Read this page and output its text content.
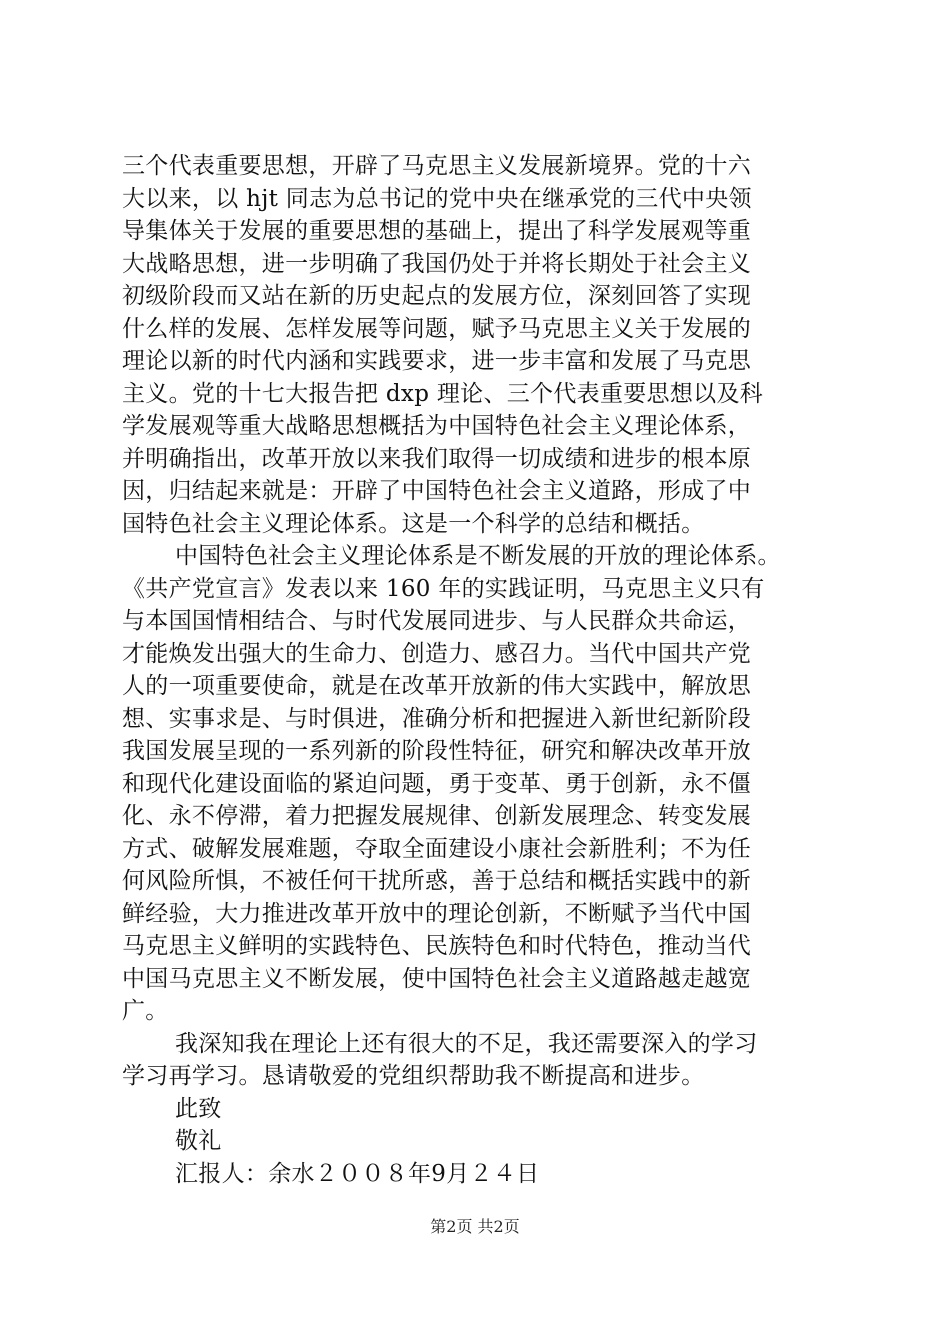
三个代表重要思想，开辟了马克思主义发展新境界。党的十六
大以来，以 hjt 同志为总书记的党中央在继承党的三代中央领
导集体关于发展的重要思想的基础上，提出了科学发展观等重
大战略思想，进一步明确了我国仍处于并将长期处于社会主义
初级阶段而又站在新的历史起点的发展方位，深刻回答了实现
什么样的发展、怎样发展等问题，赋予马克思主义关于发展的
理论以新的时代内涵和实践要求，进一步丰富和发展了马克思
主义。党的十七大报告把 dxp 理论、三个代表重要思想以及科
学发展观等重大战略思想概括为中国特色社会主义理论体系，
并明确指出，改革开放以来我们取得一切成绩和进步的根本原
因，归结起来就是：开辟了中国特色社会主义道路，形成了中
国特色社会主义理论体系。这是一个科学的总结和概括。
中国特色社会主义理论体系是不断发展的开放的理论体系。
《共产党宣言》发表以来 160 年的实践证明，马克思主义只有
与本国国情相结合、与时代发展同进步、与人民群众共命运，
才能焕发出强大的生命力、创造力、感召力。当代中国共产党
人的一项重要使命，就是在改革开放新的伟大实践中，解放思
想、实事求是、与时俱进，准确分析和把握进入新世纪新阶段
我国发展呈现的一系列新的阶段性特征，研究和解决改革开放
和现代化建设面临的紧迫问题，勇于变革、勇于创新，永不僵
化、永不停滞，着力把握发展规律、创新发展理念、转变发展
方式、破解发展难题，夺取全面建设小康社会新胜利；不为任
何风险所惧，不被任何干扰所惑，善于总结和概括实践中的新
鲜经验，大力推进改革开放中的理论创新，不断赋予当代中国
马克思主义鲜明的实践特色、民族特色和时代特色，推动当代
中国马克思主义不断发展，使中国特色社会主义道路越走越宽
广。
我深知我在理论上还有很大的不足，我还需要深入的学习
学习再学习。恳请敬爱的党组织帮助我不断提高和进步。
此致
敬礼
汇报人：余水２００８年9月２４日
第2页 共2页
